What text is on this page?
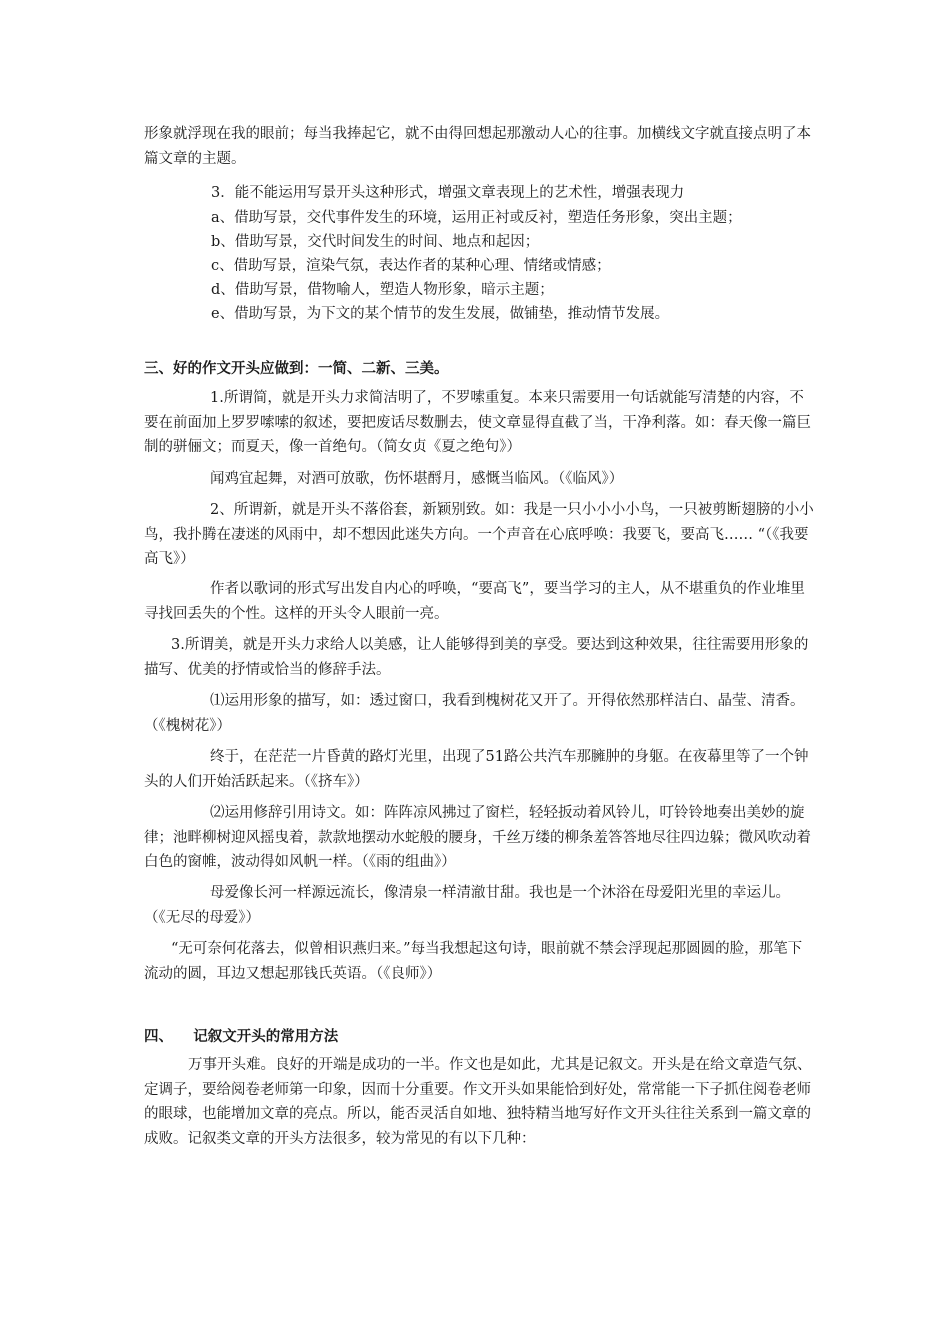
形象就浮现在我的眼前；每当我捧起它，就不由得回想起那激动人心的往事。加横线文字就直接点明了本篇文章的主题。

3．能不能运用写景开头这种形式，增强文章表现上的艺术性，增强表现力

a、借助写景，交代事件发生的环境，运用正衬或反衬，塑造任务形象，突出主题；

b、借助写景，交代时间发生的时间、地点和起因；

c、借助写景，渲染气氛，表达作者的某种心理、情绪或情感；

d、借助写景，借物喻人，塑造人物形象，暗示主题；

e、借助写景，为下文的某个情节的发生发展，做铺垫，推动情节发展。

三、好的作文开头应做到：一简、二新、三美。

1.所谓简，就是开头力求简洁明了，不罗嗦重复。本来只需要用一句话就能写清楚的内容，不要在前面加上罗罗嗦嗦的叙述，要把废话尽数删去，使文章显得直截了当，干净利落。如：春天像一篇巨制的骈俪文；而夏天，像一首绝句。（简女贞《夏之绝句》）

闻鸡宜起舞，对酒可放歌，伤怀堪酹月，感慨当临风。（《临风》）

2、所谓新，就是开头不落俗套，新颖别致。如：我是一只小小小小鸟，一只被剪断翅膀的小小鸟，我扑腾在凄迷的风雨中，却不想因此迷失方向。一个声音在心底呼唤：我要飞，要高飞…… “（《我要高飞》）

作者以歌词的形式写出发自内心的呼唤，“要高飞”，要当学习的主人，从不堪重负的作业堆里寻找回丢失的个性。这样的开头令人眼前一亮。

3.所谓美，就是开头力求给人以美感，让人能够得到美的享受。要达到这种效果，往往需要用形象的描写、优美的抒情或恰当的修辞手法。

⑴运用形象的描写，如：透过窗口，我看到槐树花又开了。开得依然那样洁白、晶莹、清香。（《槐树花》）

终于，在茫茫一片昏黄的路灯光里，出现了51路公共汽车那臃肿的身躯。在夜幕里等了一个钟头的人们开始活跃起来。（《挤车》）

⑵运用修辞引用诗文。如：阵阵凉风拂过了窗栏，轻轻扳动着风铃儿，叮铃铃地奏出美妙的旋律；池畔柳树迎风摇曳着，款款地摆动水蛇般的腰身，千丝万缕的柳条羞答答地尽往四边躲；微风吹动着白色的窗帷，波动得如风帆一样。（《雨的组曲》）

母爱像长河一样源远流长，像清泉一样清澈甘甜。我也是一个沐浴在母爱阳光里的幸运儿。（《无尽的母爱》）

“无可奈何花落去，似曾相识燕归来。”每当我想起这句诗，眼前就不禁会浮现起那圆圆的脸，那笔下流动的圆，耳边又想起那钱氏英语。（《良师》）

四、    记叙文开头的常用方法

万事开头难。良好的开端是成功的一半。作文也是如此，尤其是记叙文。开头是在给文章造气氛、定调子，要给阅卷老师第一印象，因而十分重要。作文开头如果能恰到好处，常常能一下子抓住阅卷老师的眼球，也能增加文章的亮点。所以，能否灵活自如地、独特精当地写好作文开头往往关系到一篇文章的成败。记叙类文章的开头方法很多，较为常见的有以下几种：
